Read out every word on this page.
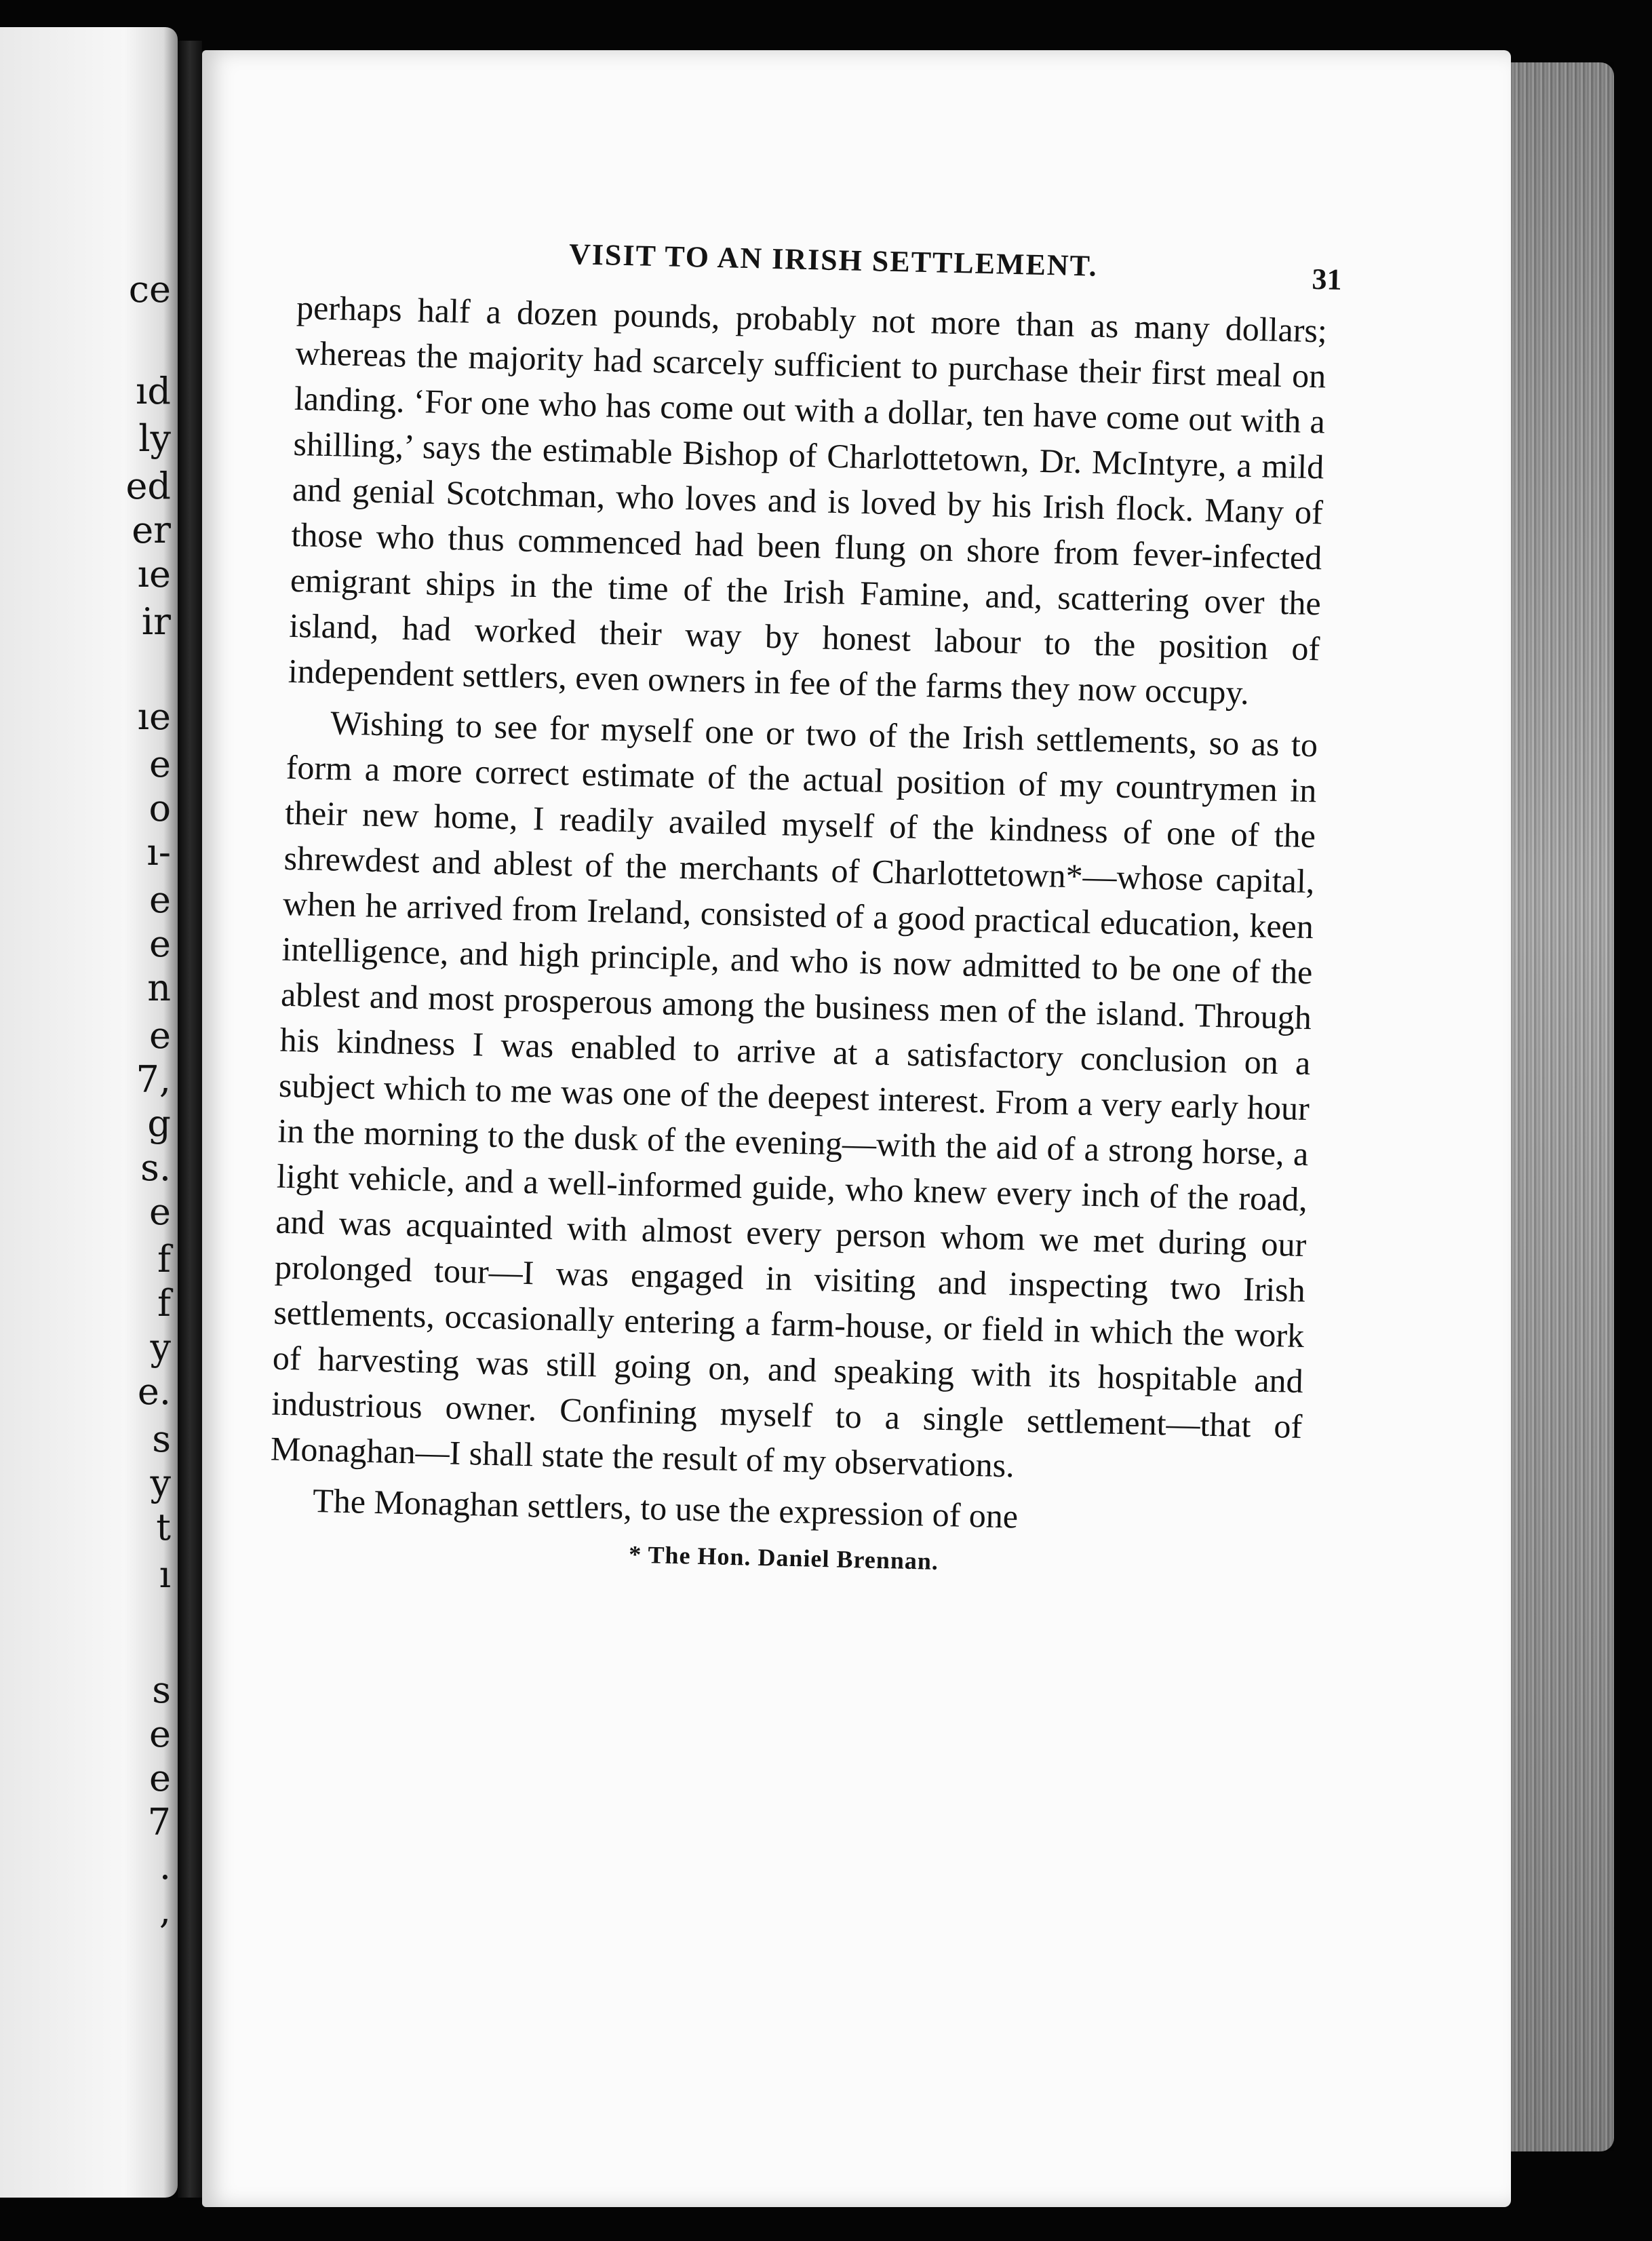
ce
ıd
ly
ed
er
ıe
ir
ıe
e
o
ı-
e
e
n
e
7,
g
s.
e
f
f
y
e.
s
y
t
ı
s
e
e
7
.
,
VISIT TO AN IRISH SETTLEMENT.	31

perhaps half a dozen pounds, probably not more than as many dollars; whereas the majority had scarcely sufficient to purchase their first meal on landing. ‘For one who has come out with a dollar, ten have come out with a shilling,’ says the estimable Bishop of Charlottetown, Dr. McIntyre, a mild and genial Scotchman, who loves and is loved by his Irish flock. Many of those who thus commenced had been flung on shore from fever-infected emigrant ships in the time of the Irish Famine, and, scattering over the island, had worked their way by honest labour to the position of independent settlers, even owners in fee of the farms they now occupy.

Wishing to see for myself one or two of the Irish settlements, so as to form a more correct estimate of the actual position of my countrymen in their new home, I readily availed myself of the kindness of one of the shrewdest and ablest of the merchants of Charlottetown*—whose capital, when he arrived from Ireland, consisted of a good practical education, keen intelligence, and high principle, and who is now admitted to be one of the ablest and most prosperous among the business men of the island. Through his kindness I was enabled to arrive at a satisfactory conclusion on a subject which to me was one of the deepest interest. From a very early hour in the morning to the dusk of the evening—with the aid of a strong horse, a light vehicle, and a well-informed guide, who knew every inch of the road, and was acquainted with almost every person whom we met during our prolonged tour—I was engaged in visiting and inspecting two Irish settlements, occasionally entering a farm-house, or field in which the work of harvesting was still going on, and speaking with its hospitable and industrious owner. Confining myself to a single settlement—that of Monaghan—I shall state the result of my observations.

The Monaghan settlers, to use the expression of one

* The Hon. Daniel Brennan.
